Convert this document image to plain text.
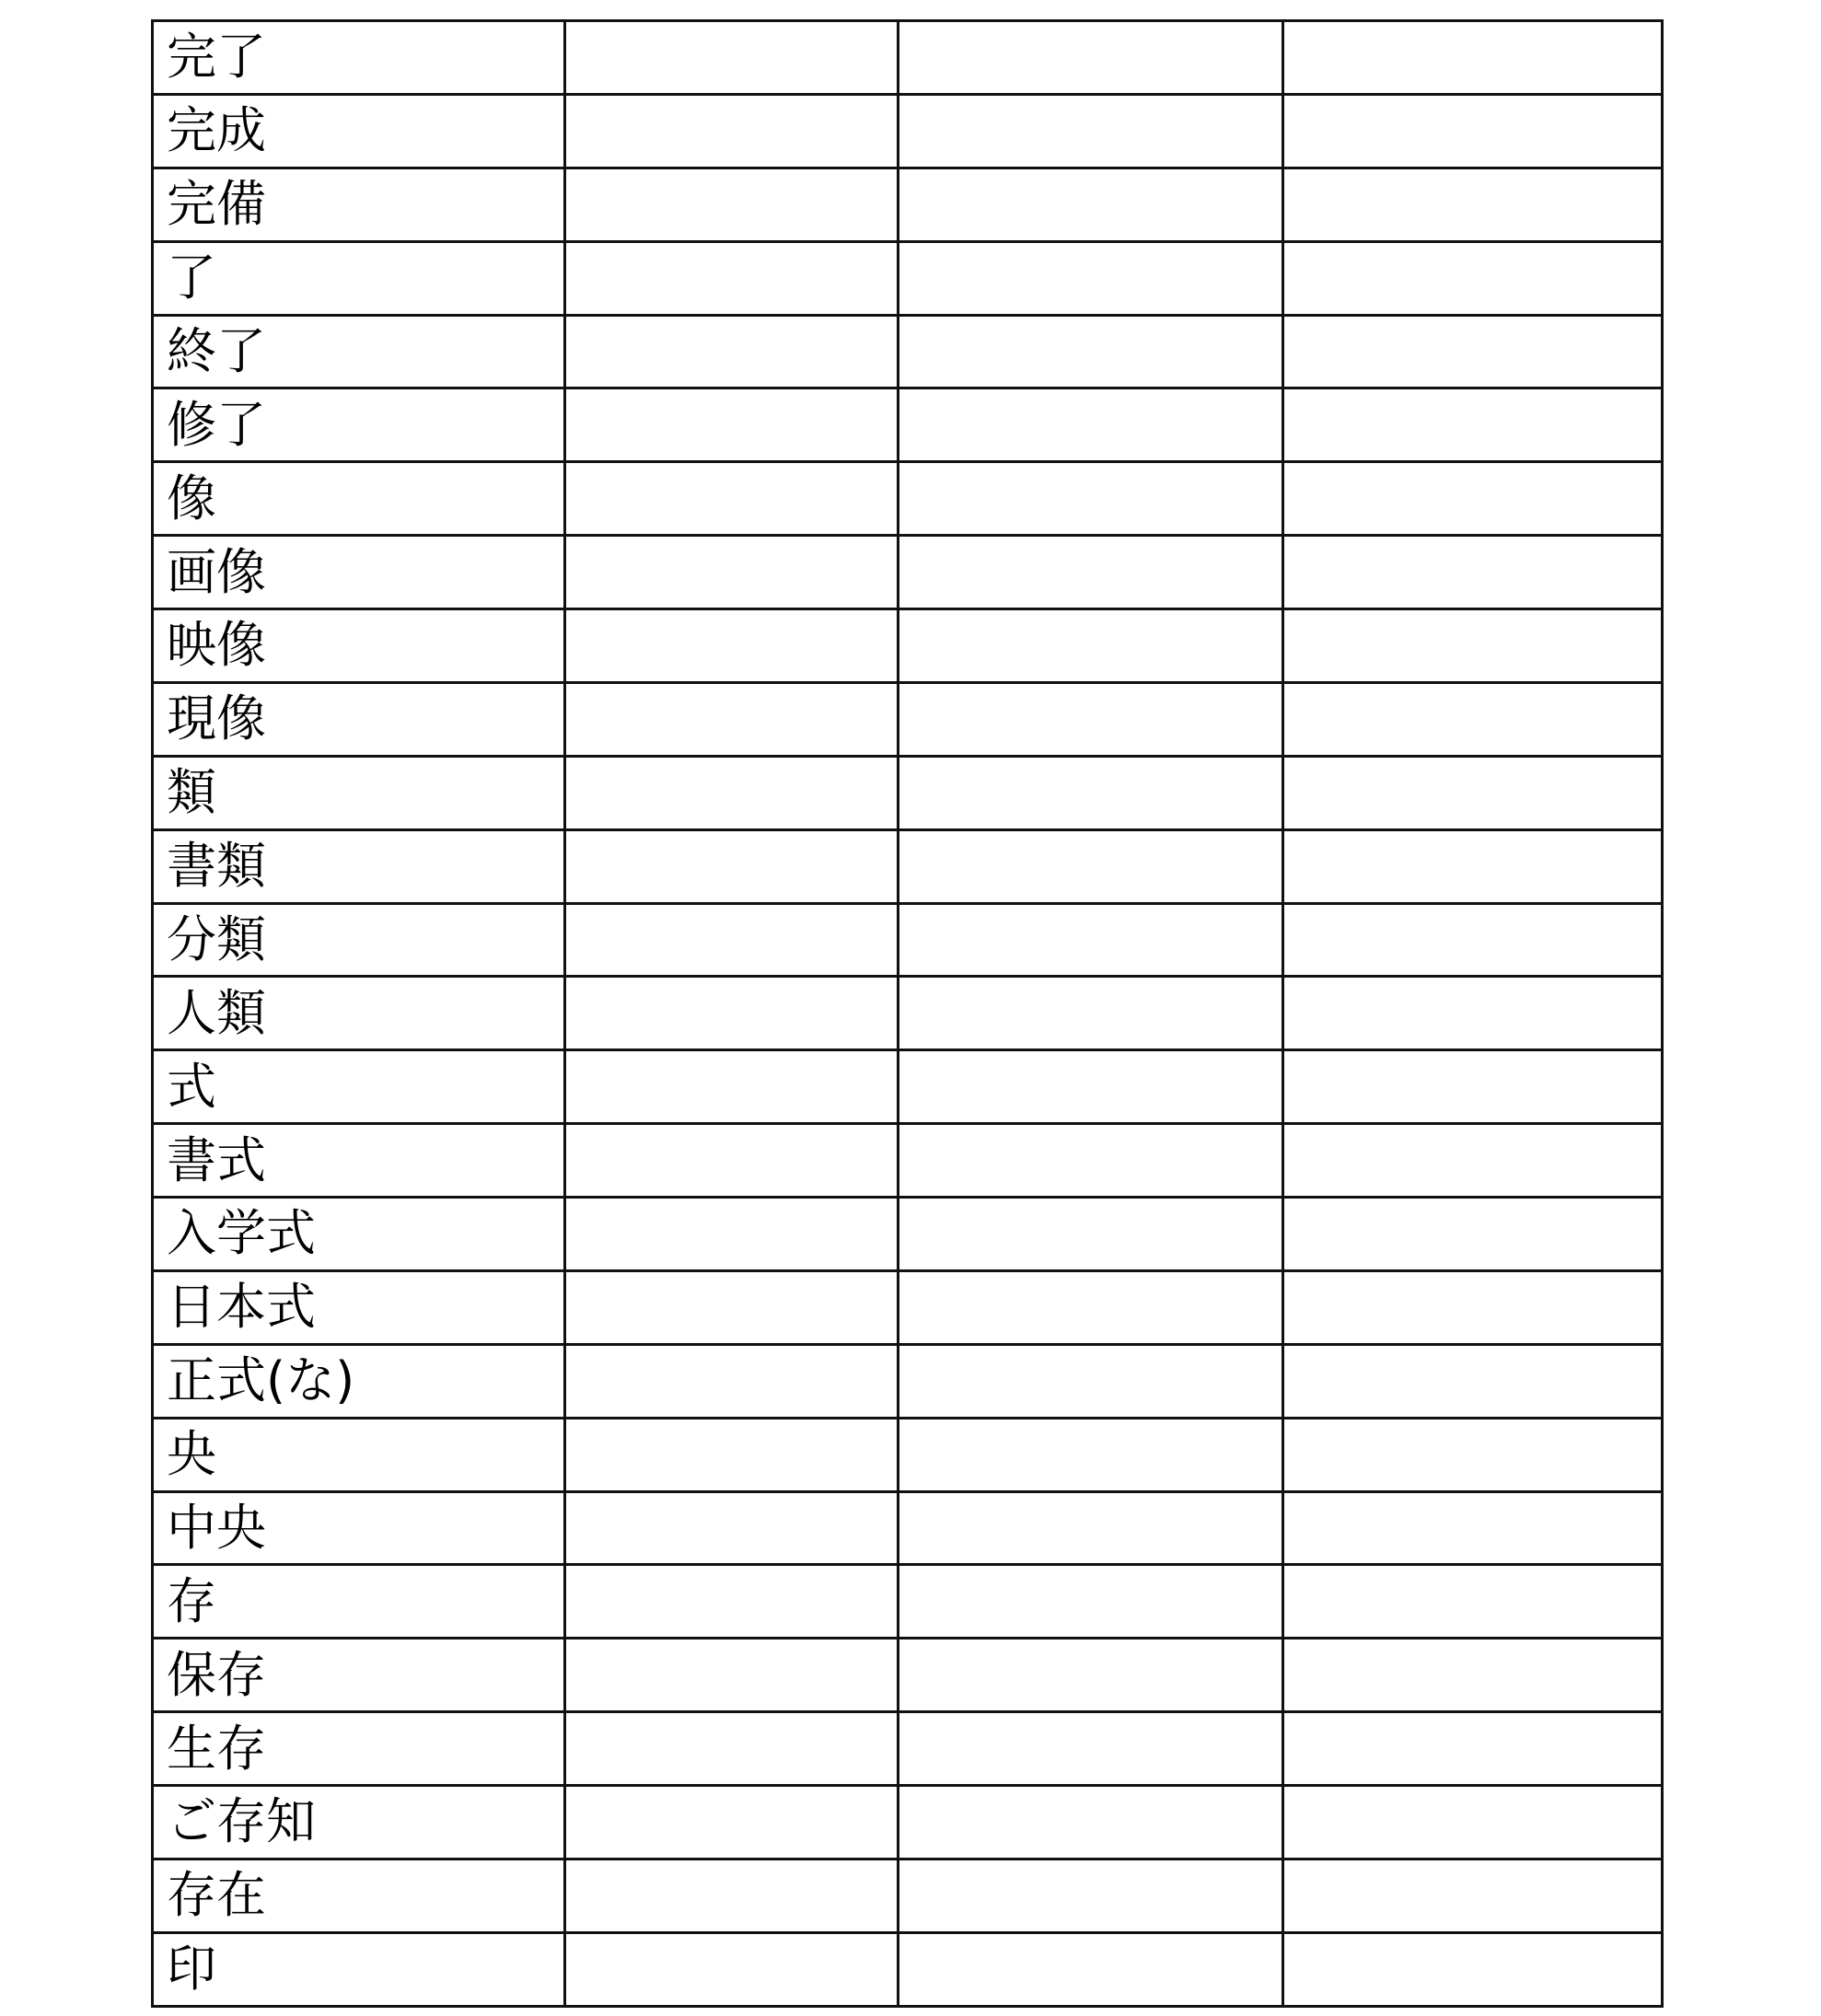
完了			
完成			
完備			
了			
終了			
修了			
像			
画像			
映像			
現像			
類			
書類			
分類			
人類			
式			
書式			
入学式			
日本式			
正式(な)			
央			
中央			
存			
保存			
生存			
ご存知			
存在			
印			
